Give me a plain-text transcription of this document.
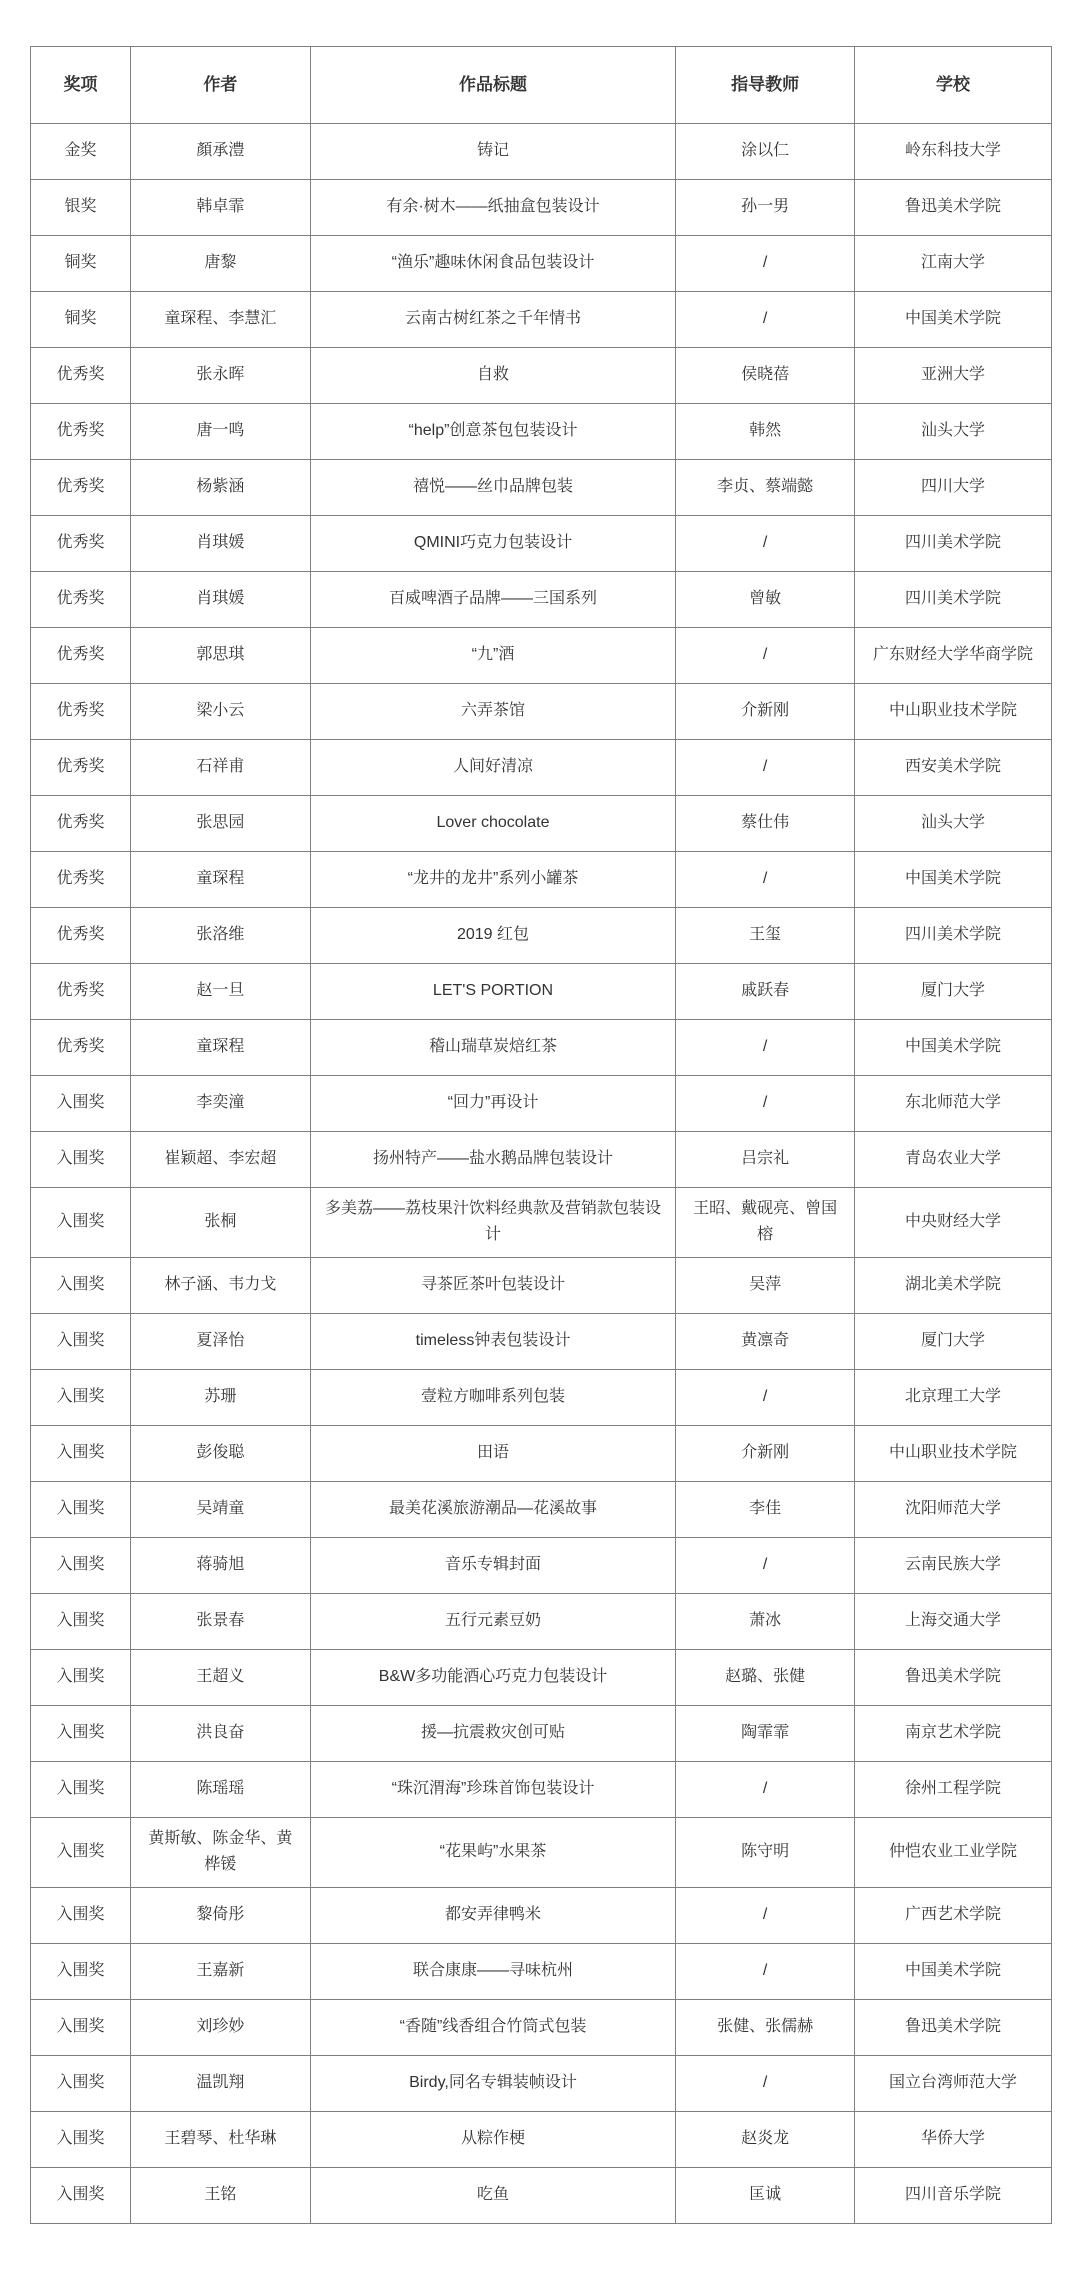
奖项	作者	作品标题	指导教师	学校
金奖	顏承澧	铸记	涂以仁	岭东科技大学
银奖	韩卓霏	有余·树木——纸抽盒包装设计	孙一男	鲁迅美术学院
铜奖	唐黎	“渔乐”趣味休闲食品包装设计	/	江南大学
铜奖	童琛程、李慧汇	云南古树红茶之千年情书	/	中国美术学院
优秀奖	张永晖	自救	侯晓蓓	亚洲大学
优秀奖	唐一鸣	“help”创意茶包包装设计	韩然	汕头大学
优秀奖	杨紫涵	禧悦——丝巾品牌包装	李贞、蔡端懿	四川大学
优秀奖	肖琪媛	QMINI巧克力包装设计	/	四川美术学院
优秀奖	肖琪媛	百威啤酒子品牌——三国系列	曾敏	四川美术学院
优秀奖	郭思琪	“九”酒	/	广东财经大学华商学院
优秀奖	梁小云	六弄茶馆	介新刚	中山职业技术学院
优秀奖	石祥甫	人间好清凉	/	西安美术学院
优秀奖	张思园	Lover chocolate	蔡仕伟	汕头大学
优秀奖	童琛程	“龙井的龙井”系列小罐茶	/	中国美术学院
优秀奖	张洛维	2019 红包	王玺	四川美术学院
优秀奖	赵一旦	LET'S PORTION	戚跃春	厦门大学
优秀奖	童琛程	稽山瑞草炭焙红茶	/	中国美术学院
入围奖	李奕潼	“回力”再设计	/	东北师范大学
入围奖	崔颖超、李宏超	扬州特产——盐水鹅品牌包装设计	吕宗礼	青岛农业大学
入围奖	张桐	多美荔——荔枝果汁饮料经典款及营销款包装设计	王昭、戴砚亮、曾国榕	中央财经大学
入围奖	林子涵、韦力戈	寻茶匠茶叶包装设计	吴萍	湖北美术学院
入围奖	夏泽怡	timeless钟表包装设计	黄凛奇	厦门大学
入围奖	苏珊	壹粒方咖啡系列包装	/	北京理工大学
入围奖	彭俊聪	田语	介新刚	中山职业技术学院
入围奖	吴靖童	最美花溪旅游潮品—花溪故事	李佳	沈阳师范大学
入围奖	蒋骑旭	音乐专辑封面	/	云南民族大学
入围奖	张景春	五行元素豆奶	萧冰	上海交通大学
入围奖	王超义	B&W多功能酒心巧克力包装设计	赵璐、张健	鲁迅美术学院
入围奖	洪良奋	援—抗震救灾创可贴	陶霏霏	南京艺术学院
入围奖	陈瑶瑶	“珠沉渭海”珍珠首饰包装设计	/	徐州工程学院
入围奖	黄斯敏、陈金华、黄桦锾	“花果屿”水果茶	陈守明	仲恺农业工业学院
入围奖	黎倚彤	都安弄律鸭米	/	广西艺术学院
入围奖	王嘉新	联合康康——寻味杭州	/	中国美术学院
入围奖	刘珍妙	“香随”线香组合竹筒式包装	张健、张儒赫	鲁迅美术学院
入围奖	温凯翔	Birdy,同名专辑装帧设计	/	国立台湾师范大学
入围奖	王碧琴、杜华琳	从粽作梗	赵炎龙	华侨大学
入围奖	王铭	吃鱼	匡诚	四川音乐学院
